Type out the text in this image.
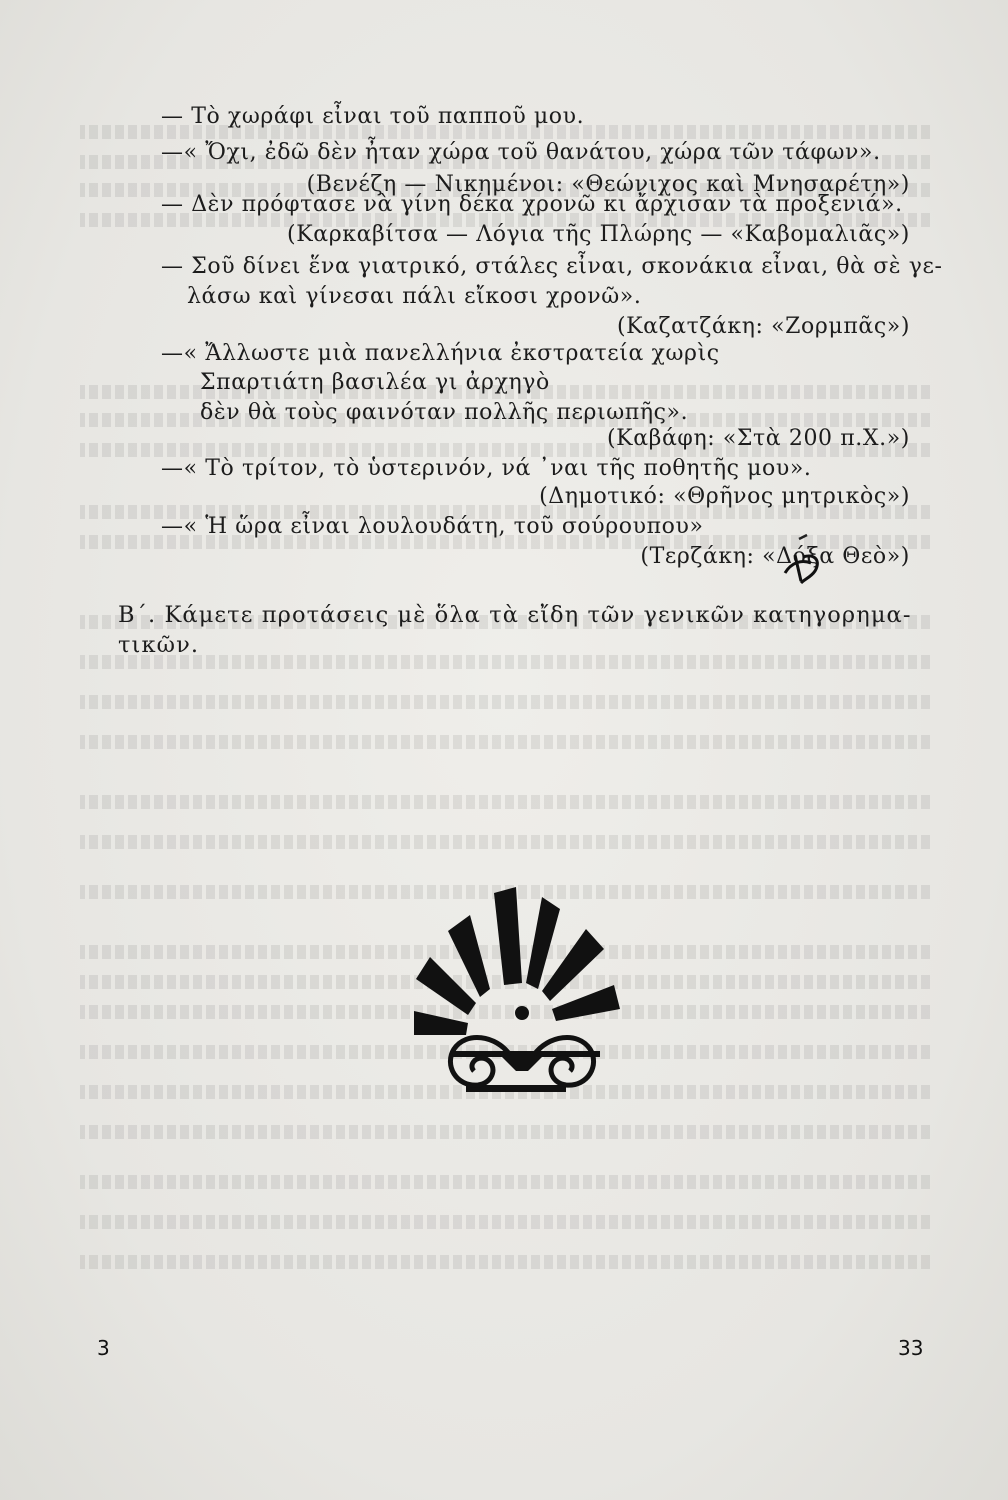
— Τὸ χωράφι εἶναι τοῦ παπποῦ μου.
—« Ὄχι, ἐδῶ δὲν ἦταν χώρα τοῦ θανάτου, χώρα τῶν τάφων».
(Βενέζη — Νικημένοι: «Θεώνιχος καὶ Μνησαρέτη»)
— Δὲν πρόφτασε νὰ γίνη δέκα χρονῶ κι ἄρχισαν τὰ προξενιά».
(Καρκαβίτσα — Λόγια τῆς Πλώρης — «Καβομαλιᾶς»)
— Σοῦ δίνει ἕνα γιατρικό, στάλες εἶναι, σκονάκια εἶναι, θὰ σὲ γε-
λάσω καὶ γίνεσαι πάλι εἴκοσι χρονῶ».
(Καζατζάκη: «Ζορμπᾶς»)
—« Ἄλλωστε μιὰ πανελλήνια ἐκστρατεία χωρὶς
Σπαρτιάτη βασιλέα γι ἀρχηγὸ
δὲν θὰ τοὺς φαινόταν πολλῆς περιωπῆς».
(Καβάφη: «Στὰ 200 π.Χ.»)
—« Τὸ τρίτον, τὸ ὑστερινόν, νά ᾽ναι τῆς ποθητῆς μου».
(Δημοτικό: «Θρῆνος μητρικὸς»)
—« Ἡ ὥρα εἶναι λουλουδάτη, τοῦ σούρουπου»
(Τερζάκη: «Δόξα Θεὸ»)
Β΄. Κάμετε προτάσεις μὲ ὅλα τὰ εἴδη τῶν γενικῶν κατηγορημα-
τικῶν.
3	33
